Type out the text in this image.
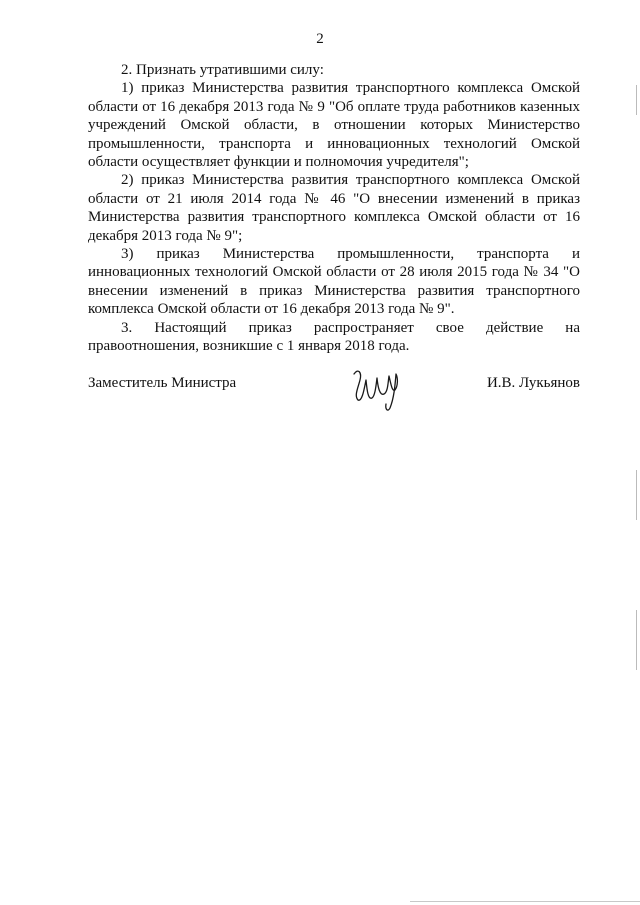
2

2. Признать утратившими силу:

1) приказ Министерства развития транспортного комплекса Омской области от 16 декабря 2013 года № 9 "Об оплате труда работников казенных учреждений Омской области, в отношении которых Министерство промышленности, транспорта и инновационных технологий Омской области осуществляет функции и полномочия учредителя";

2) приказ Министерства развития транспортного комплекса Омской области от 21 июля 2014 года № 46 "О внесении изменений в приказ Министерства развития транспортного комплекса Омской области от 16 декабря 2013 года № 9";

3) приказ Министерства промышленности, транспорта и инновационных технологий Омской области от 28 июля 2015 года № 34 "О внесении изменений в приказ Министерства развития транспортного комплекса Омской области от 16 декабря 2013 года № 9".

3. Настоящий приказ распространяет свое действие на правоотношения, возникшие с 1 января 2018 года.

Заместитель Министра	И.В. Лукьянов
